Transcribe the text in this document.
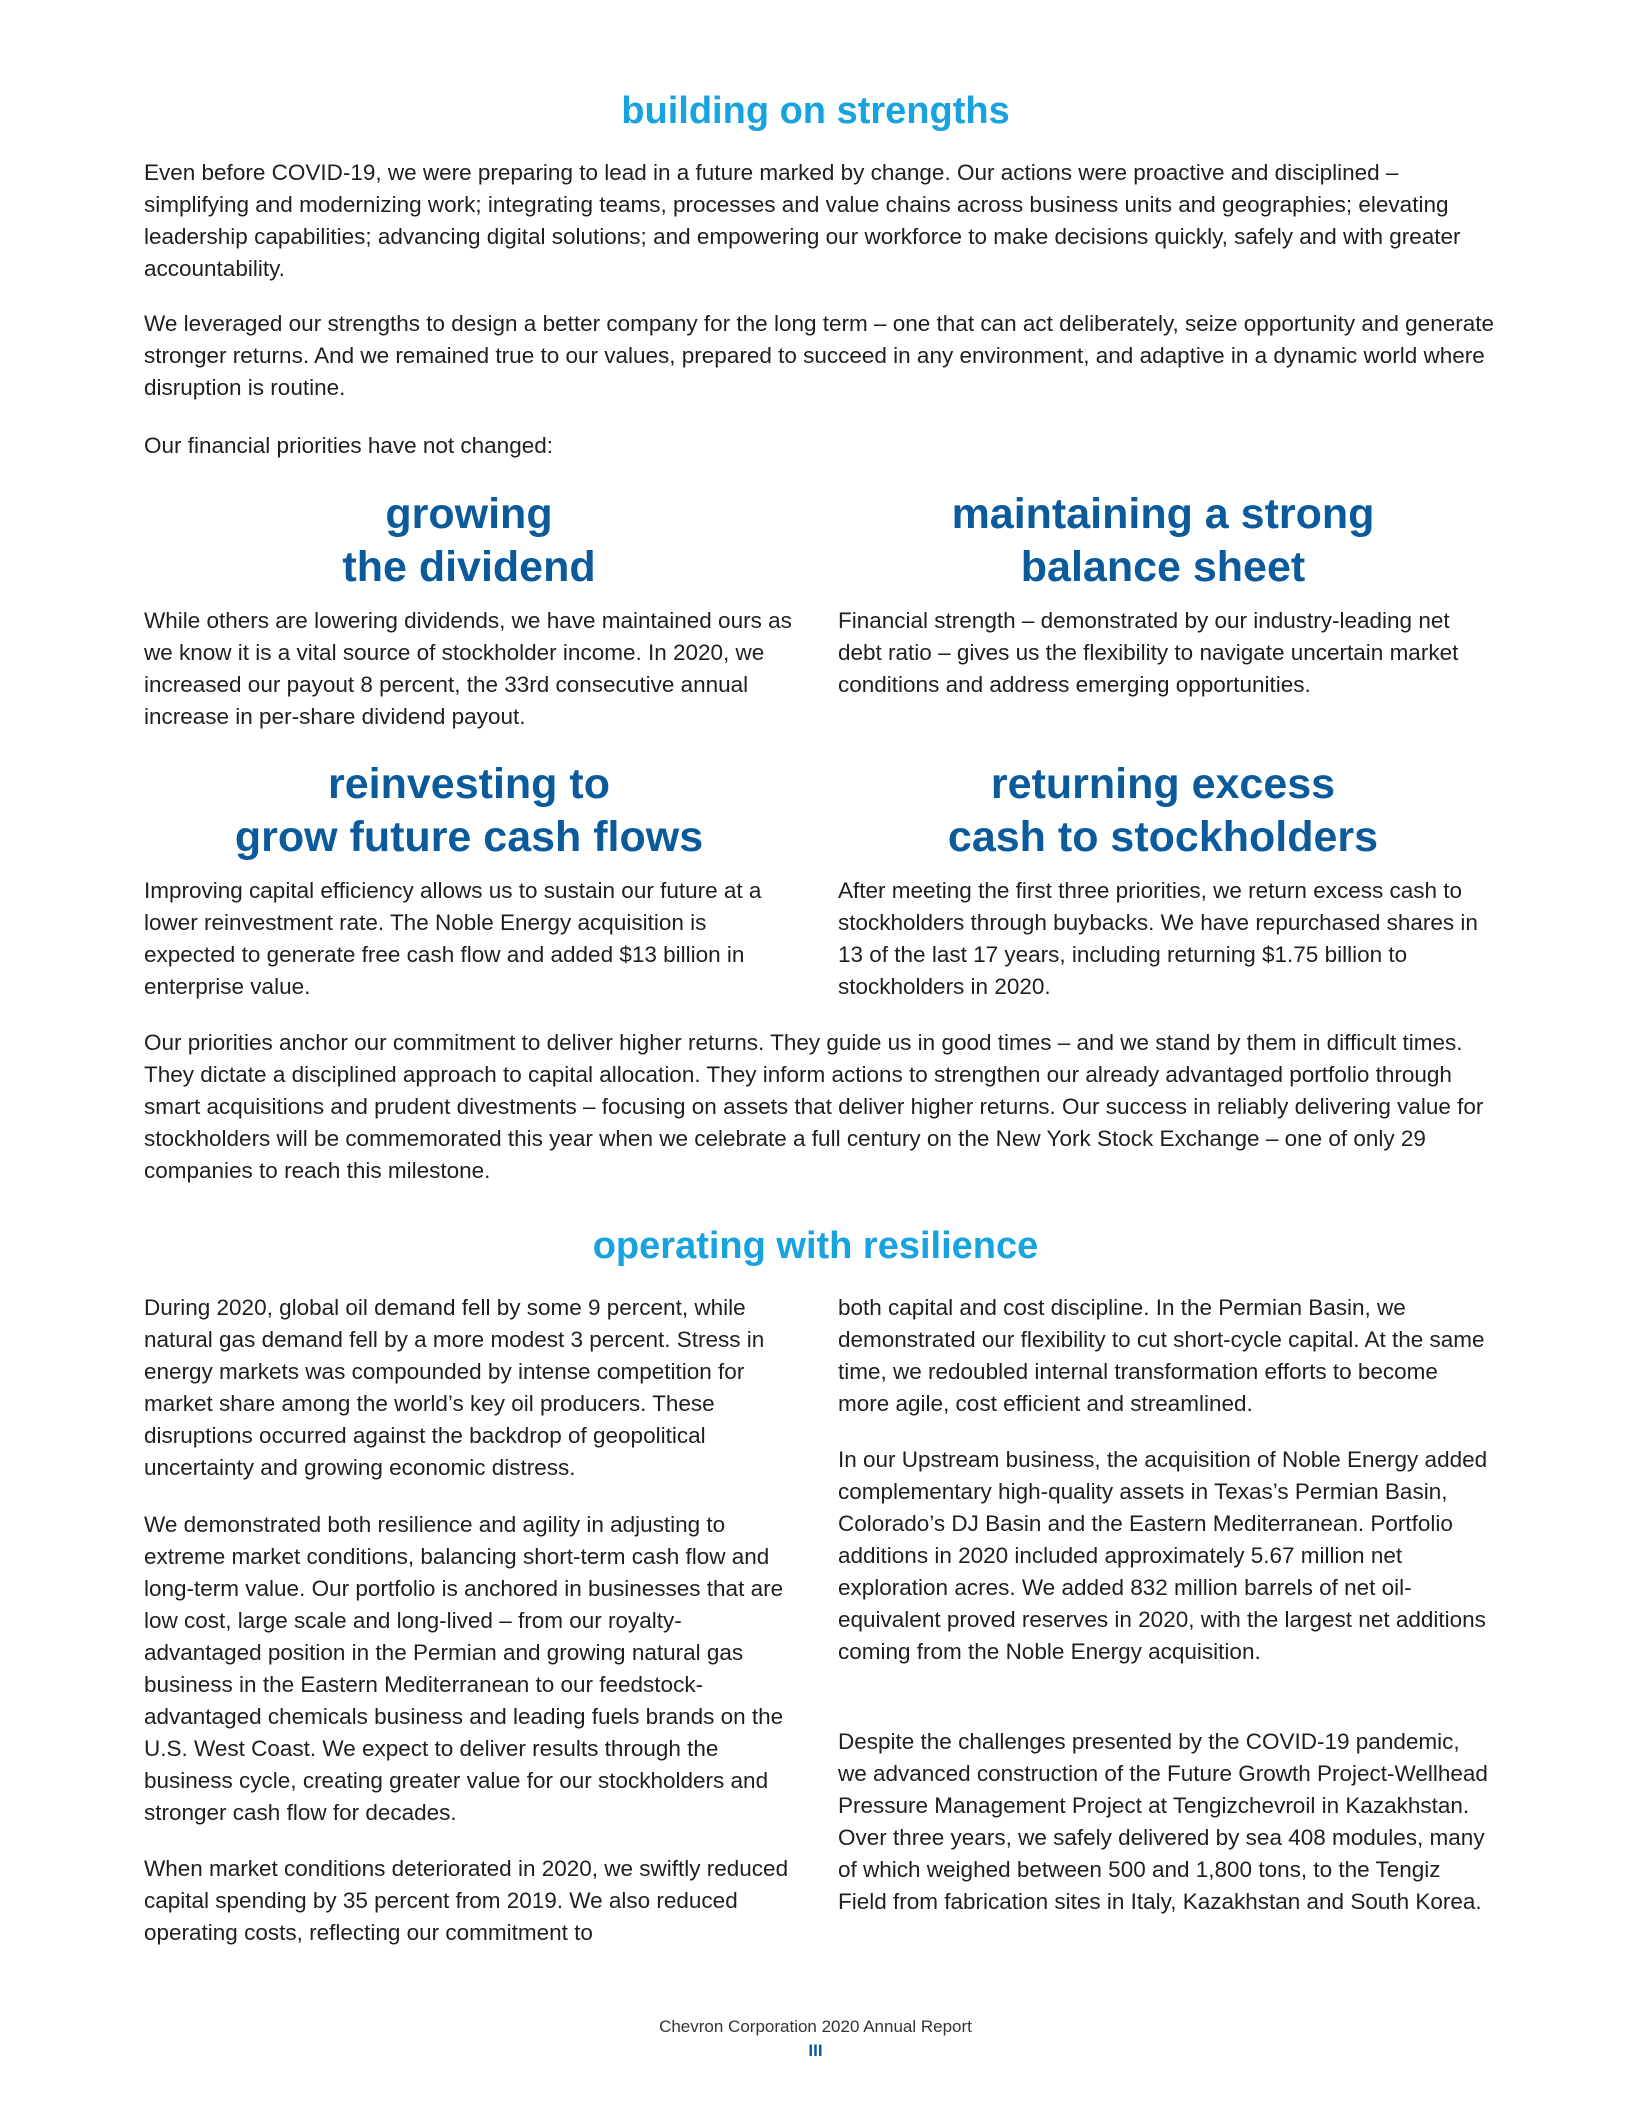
building on strengths

Even before COVID-19, we were preparing to lead in a future marked by change. Our actions were proactive and disciplined – simplifying and modernizing work; integrating teams, processes and value chains across business units and geographies; elevating leadership capabilities; advancing digital solutions; and empowering our workforce to make decisions quickly, safely and with greater accountability.

We leveraged our strengths to design a better company for the long term – one that can act deliberately, seize opportunity and generate stronger returns. And we remained true to our values, prepared to succeed in any environment, and adaptive in a dynamic world where disruption is routine.

Our financial priorities have not changed:

growing
the dividend
maintaining a strong
balance sheet

While others are lowering dividends, we have maintained ours as we know it is a vital source of stockholder income. In 2020, we increased our payout 8 percent, the 33rd consecutive annual increase in per-share dividend payout.

Financial strength – demonstrated by our industry-leading net debt ratio – gives us the flexibility to navigate uncertain market conditions and address emerging opportunities.

reinvesting to
grow future cash flows
returning excess
cash to stockholders

Improving capital efficiency allows us to sustain our future at a lower reinvestment rate. The Noble Energy acquisition is expected to generate free cash flow and added $13 billion in enterprise value.

After meeting the first three priorities, we return excess cash to stockholders through buybacks. We have repurchased shares in 13 of the last 17 years, including returning $1.75 billion to stockholders in 2020.

Our priorities anchor our commitment to deliver higher returns. They guide us in good times – and we stand by them in difficult times. They dictate a disciplined approach to capital allocation. They inform actions to strengthen our already advantaged portfolio through smart acquisitions and prudent divestments – focusing on assets that deliver higher returns. Our success in reliably delivering value for stockholders will be commemorated this year when we celebrate a full century on the New York Stock Exchange – one of only 29 companies to reach this milestone.

operating with resilience

During 2020, global oil demand fell by some 9 percent, while natural gas demand fell by a more modest 3 percent. Stress in energy markets was compounded by intense competition for market share among the world’s key oil producers. These disruptions occurred against the backdrop of geopolitical uncertainty and growing economic distress.

We demonstrated both resilience and agility in adjusting to extreme market conditions, balancing short-term cash flow and long-term value. Our portfolio is anchored in businesses that are low cost, large scale and long-lived – from our royalty-advantaged position in the Permian and growing natural gas business in the Eastern Mediterranean to our feedstock-advantaged chemicals business and leading fuels brands on the U.S. West Coast. We expect to deliver results through the business cycle, creating greater value for our stockholders and stronger cash flow for decades.

When market conditions deteriorated in 2020, we swiftly reduced capital spending by 35 percent from 2019. We also reduced operating costs, reflecting our commitment to

both capital and cost discipline. In the Permian Basin, we demonstrated our flexibility to cut short-cycle capital. At the same time, we redoubled internal transformation efforts to become more agile, cost efficient and streamlined.

In our Upstream business, the acquisition of Noble Energy added complementary high-quality assets in Texas’s Permian Basin, Colorado’s DJ Basin and the Eastern Mediterranean. Portfolio additions in 2020 included approximately 5.67 million net exploration acres. We added 832 million barrels of net oil-equivalent proved reserves in 2020, with the largest net additions coming from the Noble Energy acquisition.

Despite the challenges presented by the COVID-19 pandemic, we advanced construction of the Future Growth Project-Wellhead Pressure Management Project at Tengizchevroil in Kazakhstan. Over three years, we safely delivered by sea 408 modules, many of which weighed between 500 and 1,800 tons, to the Tengiz Field from fabrication sites in Italy, Kazakhstan and South Korea.

Chevron Corporation 2020 Annual Report
III
